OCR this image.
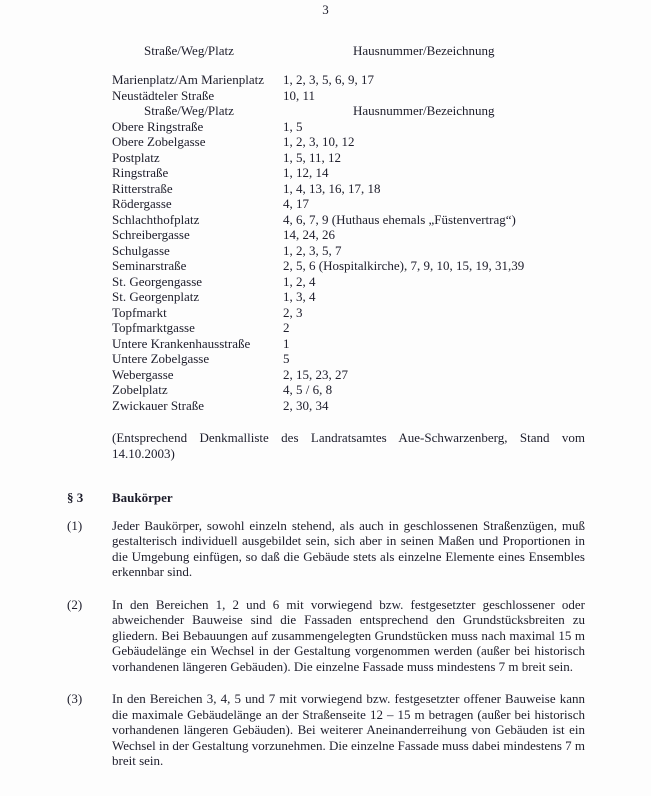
3
Straße/Weg/Platz	Hausnummer/Bezeichnung
Marienplatz/Am Marienplatz	1, 2, 3, 5, 6, 9, 17
Neustädteler Straße	10, 11
Straße/Weg/Platz	Hausnummer/Bezeichnung
Obere Ringstraße	1, 5
Obere Zobelgasse	1, 2, 3, 10, 12
Postplatz	1, 5, 11, 12
Ringstraße	1, 12, 14
Ritterstraße	1, 4, 13, 16, 17, 18
Rödergasse	4, 17
Schlachthofplatz	4, 6, 7, 9 (Huthaus ehemals „Füstenvertrag“)
Schreibergasse	14, 24, 26
Schulgasse	1, 2, 3, 5, 7
Seminarstraße	2, 5, 6 (Hospitalkirche), 7, 9, 10, 15, 19, 31,39
St. Georgengasse	1, 2, 4
St. Georgenplatz	1, 3, 4
Topfmarkt	2, 3
Topfmarktgasse	2
Untere Krankenhausstraße	1
Untere Zobelgasse	5
Webergasse	2, 15, 23, 27
Zobelplatz	4, 5 / 6, 8
Zwickauer Straße	2, 30, 34
(Entsprechend Denkmalliste des Landratsamtes Aue-Schwarzenberg, Stand vom 14.10.2003)
§ 3	Baukörper
(1)	Jeder Baukörper, sowohl einzeln stehend, als auch in geschlossenen Straßenzügen, muß gestalterisch individuell ausgebildet sein, sich aber in seinen Maßen und Proportionen in die Umgebung einfügen, so daß die Gebäude stets als einzelne Elemente eines Ensembles erkennbar sind.
(2)	In den Bereichen 1, 2 und 6 mit vorwiegend bzw. festgesetzter geschlossener oder abweichender Bauweise sind die Fassaden entsprechend den Grundstücksbreiten zu gliedern. Bei Bebauungen auf zusammengelegten Grundstücken muss nach maximal 15 m Gebäudelänge ein Wechsel in der Gestaltung vorgenommen werden (außer bei historisch vorhandenen längeren Gebäuden). Die einzelne Fassade muss mindestens 7 m breit sein.
(3)	In den Bereichen 3, 4, 5 und 7 mit vorwiegend bzw. festgesetzter offener Bauweise kann die maximale Gebäudelänge an der Straßenseite 12 – 15 m betragen (außer bei historisch vorhandenen längeren Gebäuden). Bei weiterer Aneinanderreihung von Gebäuden ist ein Wechsel in der Gestaltung vorzunehmen. Die einzelne Fassade muss dabei mindestens 7 m breit sein.
